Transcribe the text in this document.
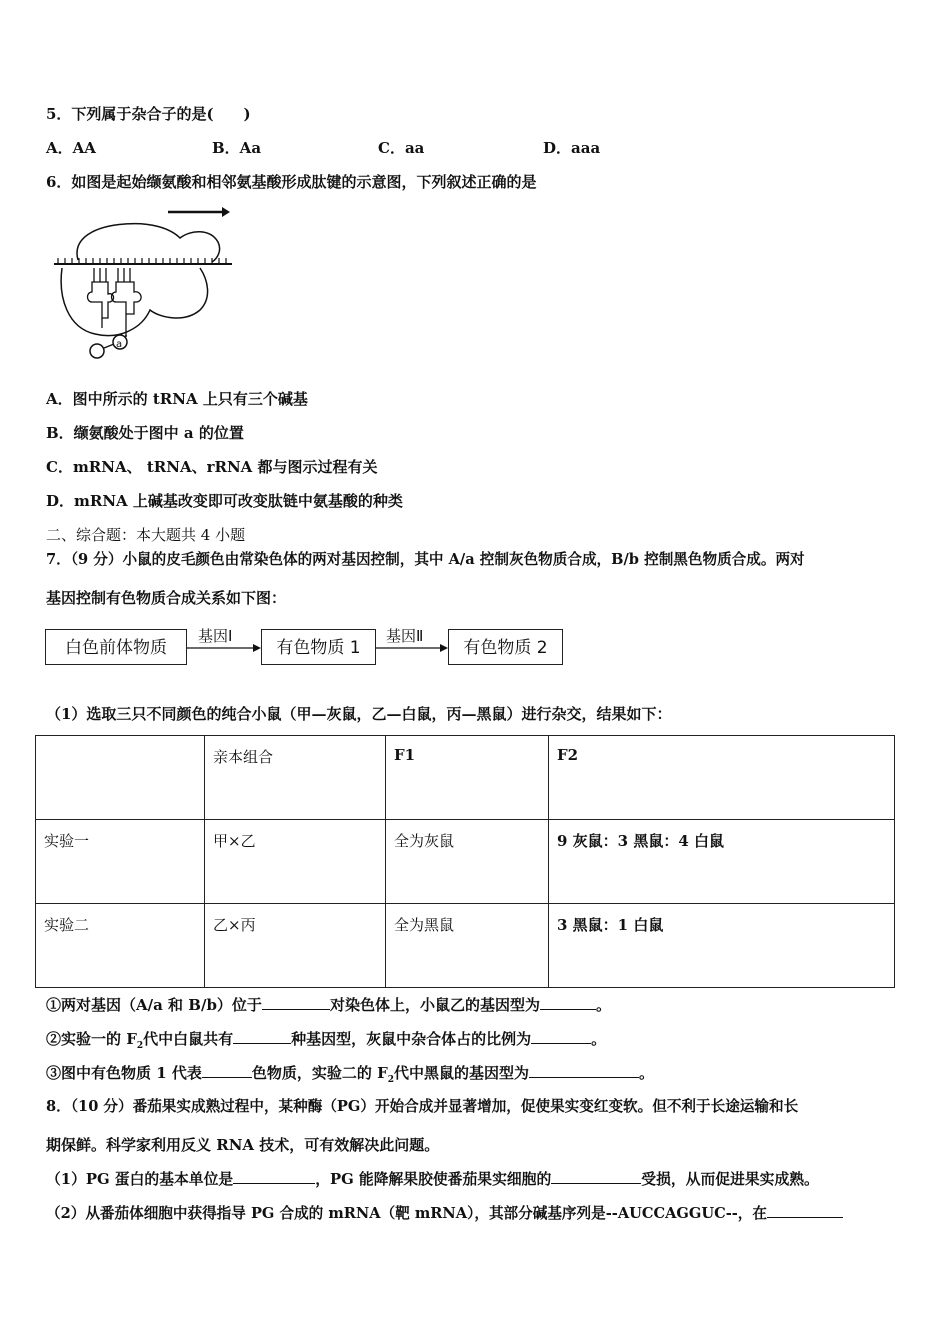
5．下列属于杂合子的是(　　)
A．AA	B．Aa	C．aa	D．aaa
6．如图是起始缬氨酸和相邻氨基酸形成肽键的示意图，下列叙述正确的是
a
A．图中所示的 tRNA 上只有三个碱基
B．缬氨酸处于图中 a 的位置
C．mRNA、 tRNA、rRNA 都与图示过程有关
D．mRNA 上碱基改变即可改变肽链中氨基酸的种类
二、综合题：本大题共 4 小题
7．（9 分）小鼠的皮毛颜色由常染色体的两对基因控制，其中 A/a 控制灰色物质合成，B/b 控制黑色物质合成。两对
基因控制有色物质合成关系如下图：
白色前体物质
基因Ⅰ
有色物质 1
基因Ⅱ
有色物质 2
（1）选取三只不同颜色的纯合小鼠（甲—灰鼠，乙—白鼠，丙—黑鼠）进行杂交，结果如下：
	亲本组合	F1	F2
实验一	甲×乙	全为灰鼠	9 灰鼠：3 黑鼠：4 白鼠
实验二	乙×丙	全为黑鼠	3 黑鼠：1 白鼠
①两对基因（A/a 和 B/b）位于	对染色体上，小鼠乙的基因型为	。
②实验一的 $F_2$代中白鼠共有	种基因型，灰鼠中杂合体占的比例为	。
③图中有色物质 1 代表	色物质，实验二的 $F_2$代中黑鼠的基因型为	。
8．（10 分）番茄果实成熟过程中，某种酶（PG）开始合成并显著增加，促使果实变红变软。但不利于长途运输和长
期保鲜。科学家利用反义 RNA 技术，可有效解决此问题。
（1）PG 蛋白的基本单位是	，PG 能降解果胶使番茄果实细胞的	受损，从而促进果实成熟。
（2）从番茄体细胞中获得指导 PG 合成的 mRNA（靶 mRNA），其部分碱基序列是--AUCCAGGUC--，在
